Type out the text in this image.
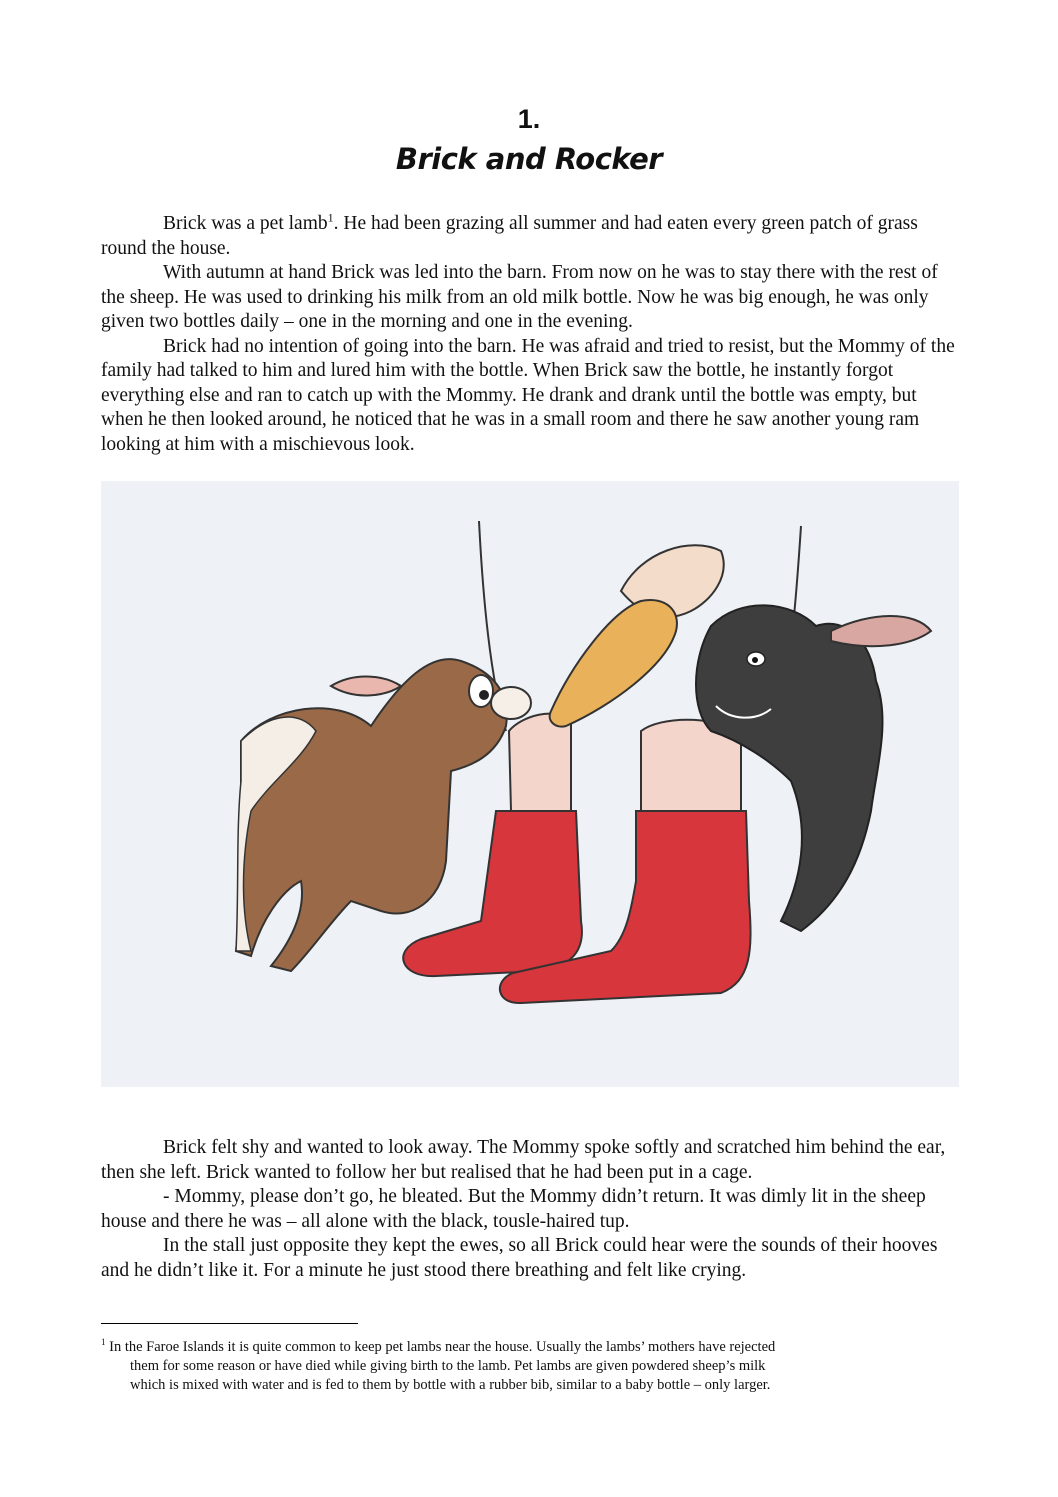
1.
Brick and Rocker

Brick was a pet lamb$^1$. He had been grazing all summer and had eaten every green patch of grass round the house.

With autumn at hand Brick was led into the barn. From now on he was to stay there with the rest of the sheep. He was used to drinking his milk from an old milk bottle. Now he was big enough, he was only given two bottles daily – one in the morning and one in the evening.

Brick had no intention of going into the barn. He was afraid and tried to resist, but the Mommy of the family had talked to him and lured him with the bottle. When Brick saw the bottle, he instantly forgot everything else and ran to catch up with the Mommy. He drank and drank until the bottle was empty, but when he then looked around, he noticed that he was in a small room and there he saw another young ram looking at him with a mischievous look.

Brick felt shy and wanted to look away. The Mommy spoke softly and scratched him behind the ear, then she left. Brick wanted to follow her but realised that he had been put in a cage.

- Mommy, please don’t go, he bleated. But the Mommy didn’t return. It was dimly lit in the sheep house and there he was – all alone with the black, tousle-haired tup.

In the stall just opposite they kept the ewes, so all Brick could hear were the sounds of their hooves and he didn’t like it. For a minute he just stood there breathing and felt like crying.

$^1$ In the Faroe Islands it is quite common to keep pet lambs near the house. Usually the lambs’ mothers have rejected
them for some reason or have died while giving birth to the lamb. Pet lambs are given powdered sheep’s milk
which is mixed with water and is fed to them by bottle with a rubber bib, similar to a baby bottle – only larger.
